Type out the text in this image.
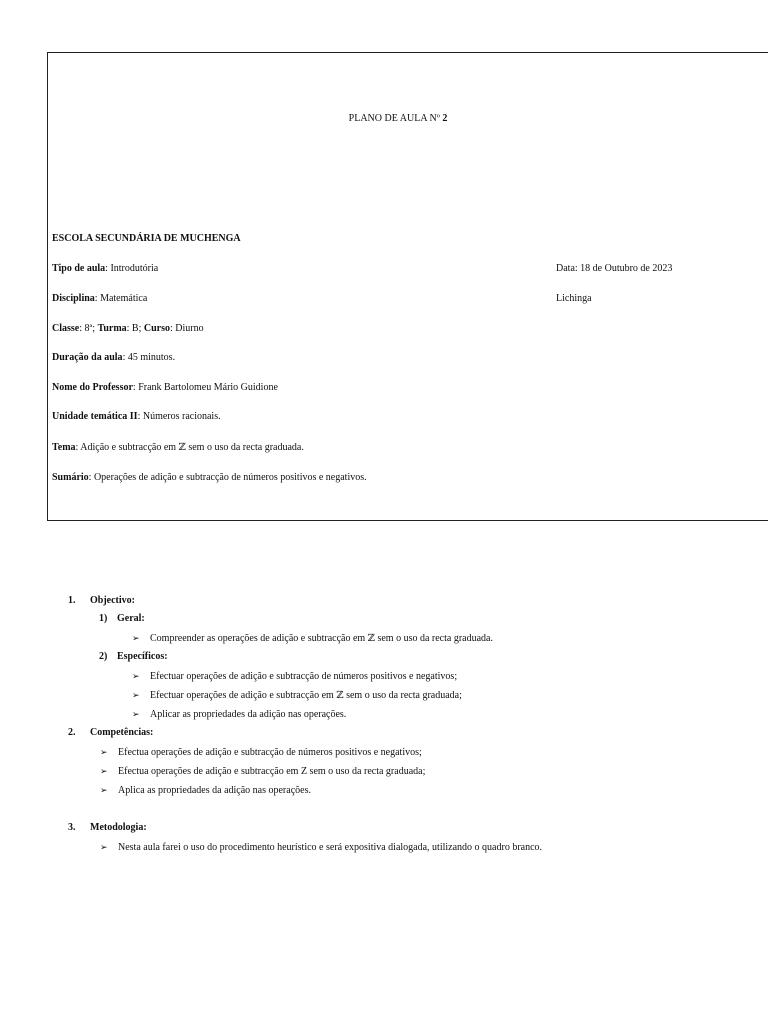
PLANO DE AULA Nº 2
ESCOLA SECUNDÁRIA DE MUCHENGA
Tipo de aula: Introdutória	Data: 18 de Outubro de 2023
Disciplina: Matemática	Lichinga
Classe: 8ª; Turma: B; Curso: Diurno
Duração da aula: 45 minutos.
Nome do Professor: Frank Bartolomeu Mário Guidione
Unidade temática II: Números racionais.
Tema: Adição e subtracção em ℤ sem o uso da recta graduada.
Sumário: Operações de adição e subtracção de números positivos e negativos.
1. Objectivo:
1) Geral:
➢ Compreender as operações de adição e subtracção em ℤ sem o uso da recta graduada.
2) Específicos:
➢ Efectuar operações de adição e subtracção de números positivos e negativos;
➢ Efectuar operações de adição e subtracção em ℤ sem o uso da recta graduada;
➢ Aplicar as propriedades da adição nas operações.
2. Competências:
➢ Efectua operações de adição e subtracção de números positivos e negativos;
➢ Efectua operações de adição e subtracção em Z sem o uso da recta graduada;
➢ Aplica as propriedades da adição nas operações.
3. Metodologia:
➢ Nesta aula farei o uso do procedimento heurístico e será expositiva dialogada, utilizando o quadro branco.
